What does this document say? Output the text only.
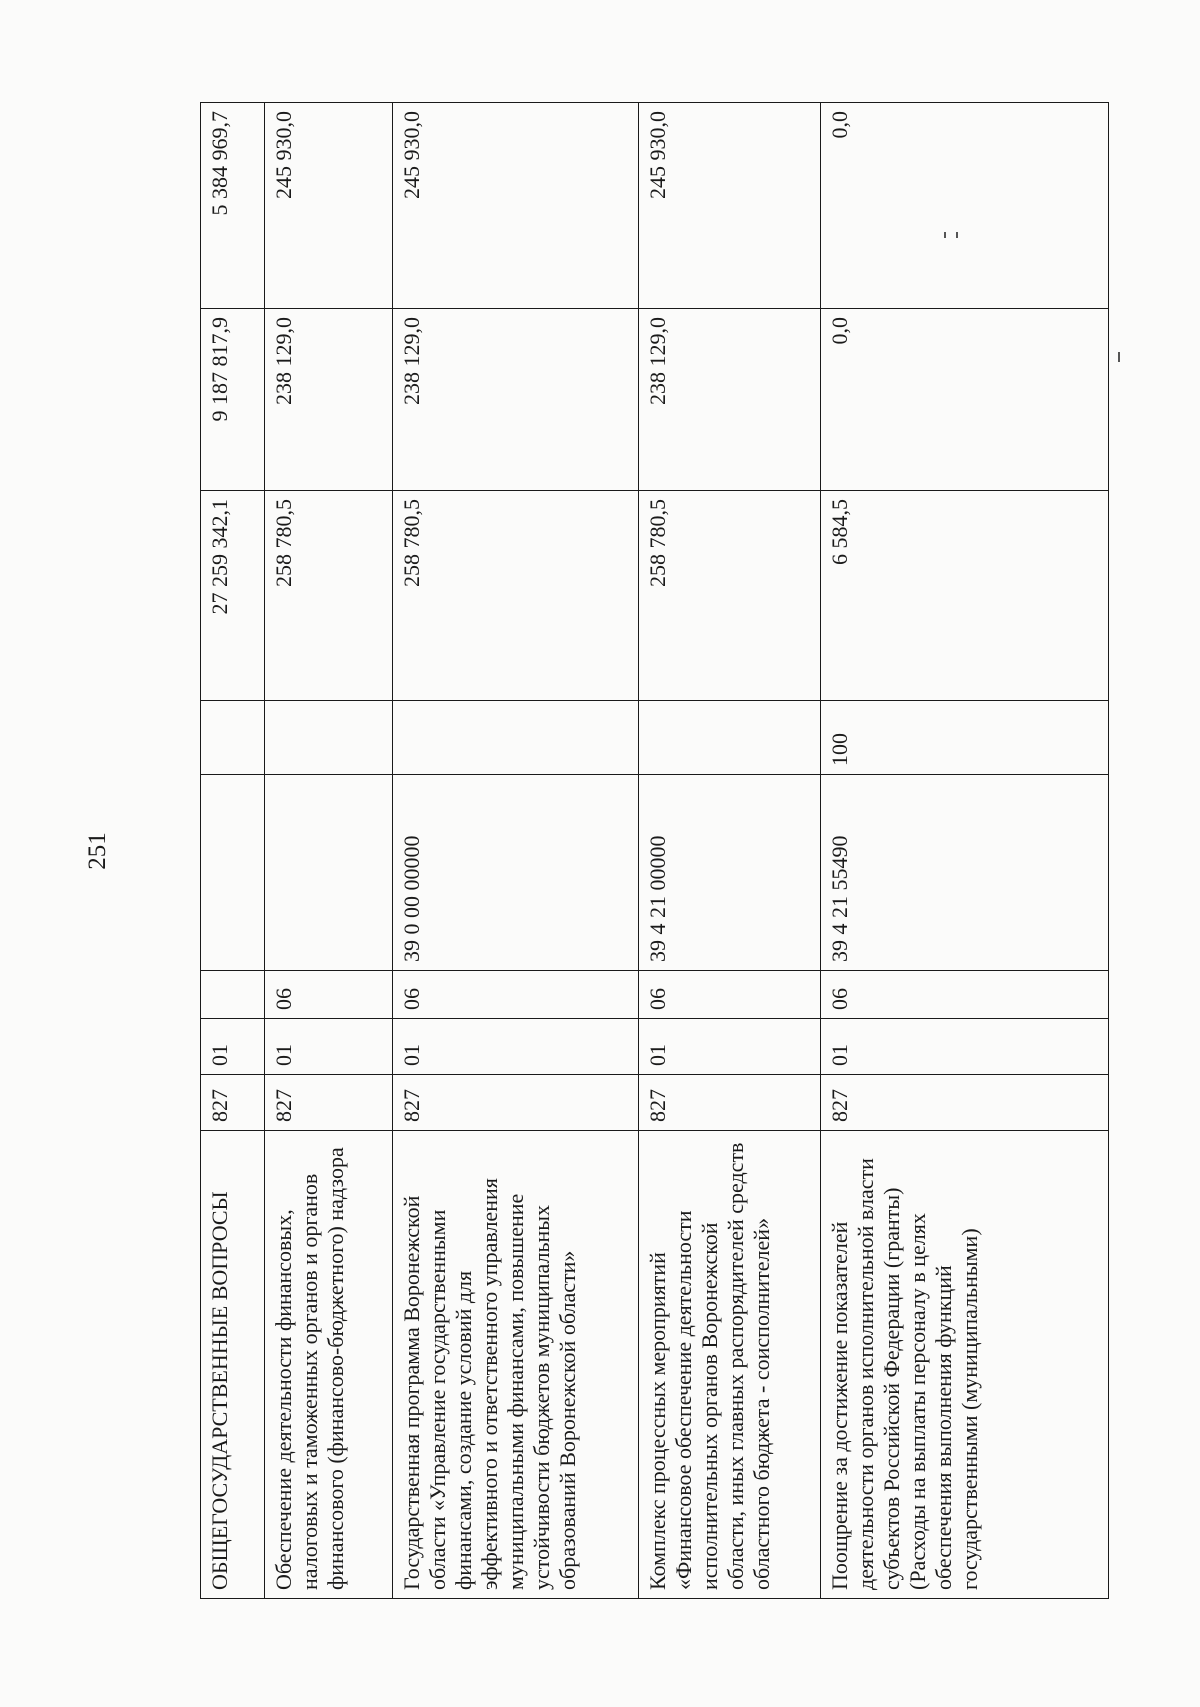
251
ОБЩЕГОСУДАРСТВЕННЫЕ ВОПРОСЫ	827	01				27 259 342,1	9 187 817,9	5 384 969,7
Обеспечение деятельности финансовых, налоговых и таможенных органов и органов финансового (финансово-бюджетного) надзора	827	01	06			258 780,5	238 129,0	245 930,0
Государственная программа Воронежской области «Управление государственными финансами, создание условий для эффективного и ответственного управления муниципальными финансами, повышение устойчивости бюджетов муниципальных образований Воронежской области»	827	01	06	39 0 00 00000		258 780,5	238 129,0	245 930,0
Комплекс процессных мероприятий «Финансовое обеспечение деятельности исполнительных органов Воронежской области, иных главных распорядителей средств областного бюджета - соисполнителей»	827	01	06	39 4 21 00000		258 780,5	238 129,0	245 930,0
Поощрение за достижение показателей деятельности органов исполнительной власти субъектов Российской Федерации (гранты) (Расходы на выплаты персоналу в целях обеспечения выполнения функций государственными (муниципальными)	827	01	06	39 4 21 55490	100	6 584,5	0,0	0,0
